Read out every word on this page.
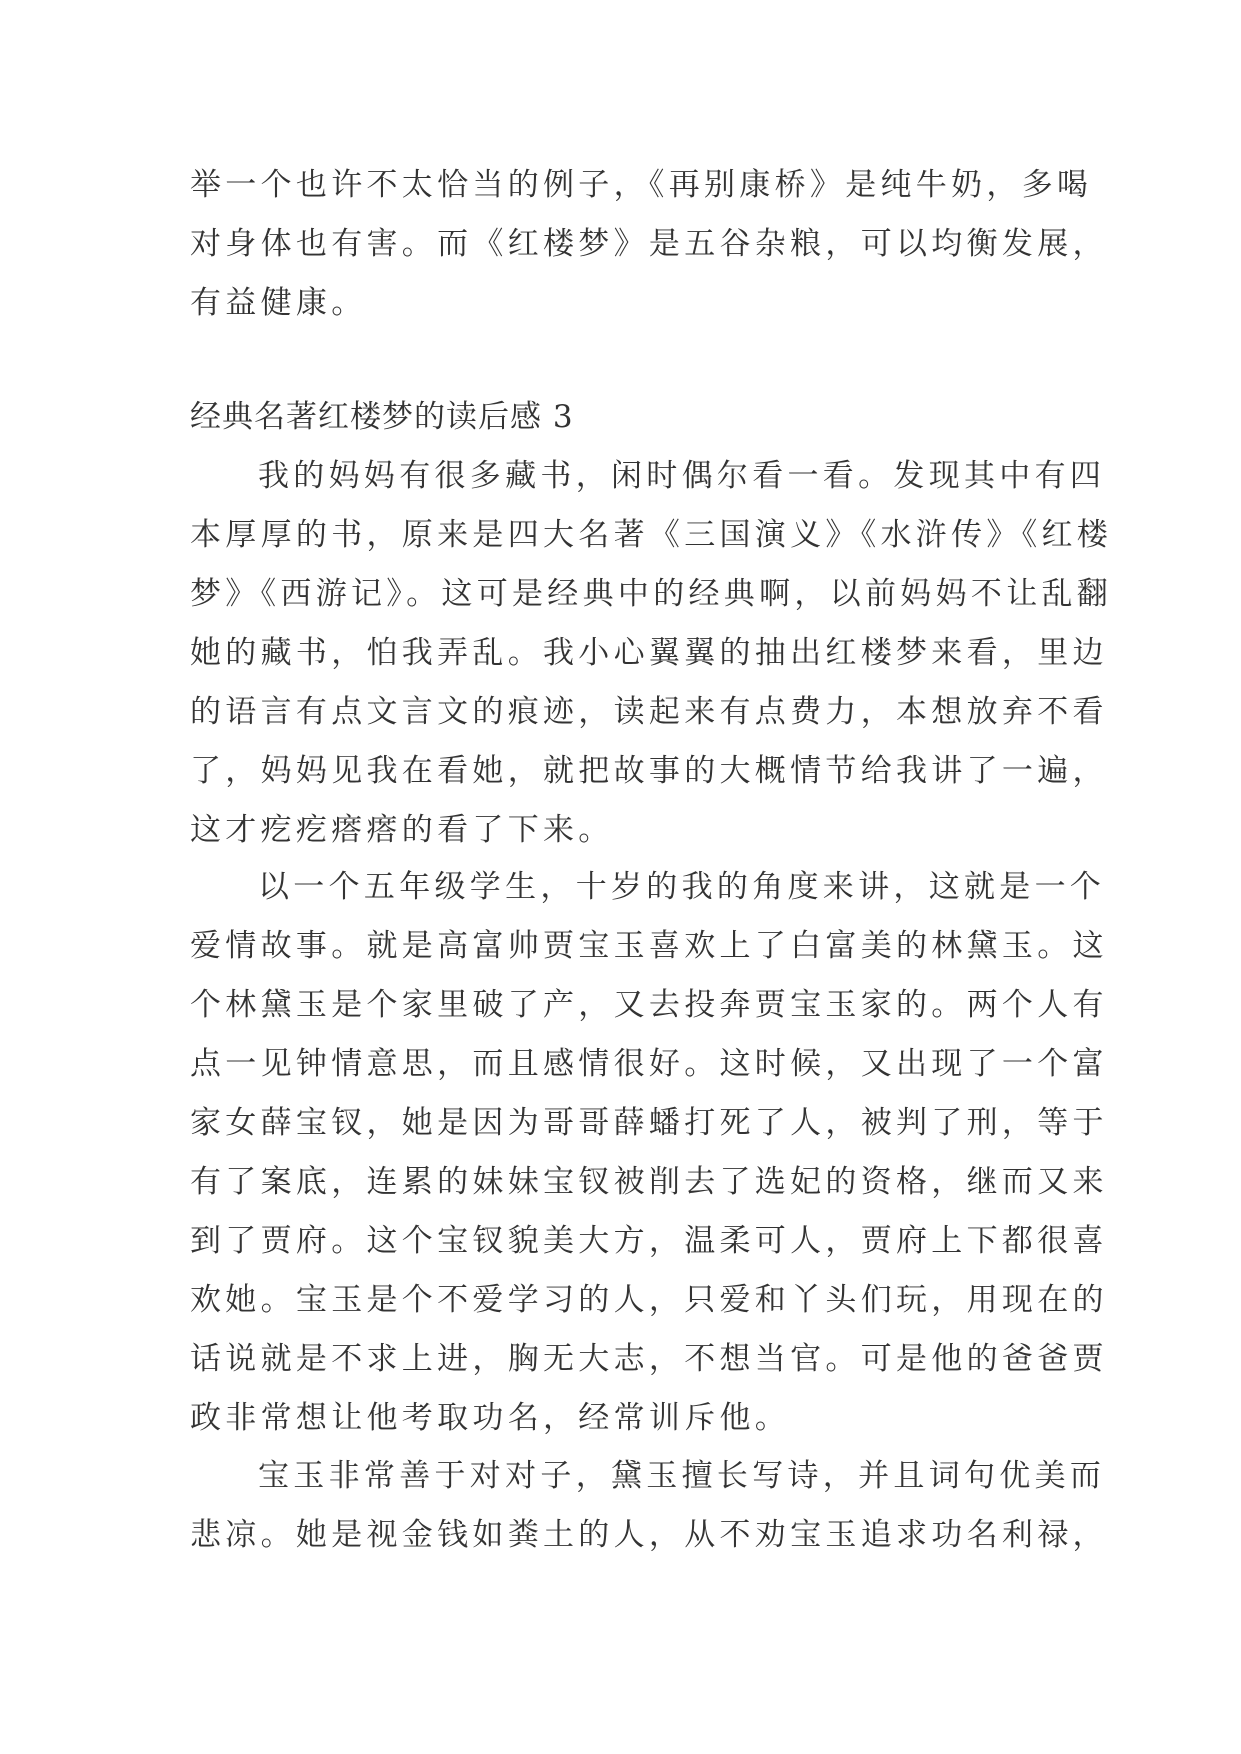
举一个也许不太恰当的例子，《再别康桥》是纯牛奶，多喝
对身体也有害。而《红楼梦》是五谷杂粮，可以均衡发展，
有益健康。
经典名著红楼梦的读后感 3
我的妈妈有很多藏书，闲时偶尔看一看。发现其中有四
本厚厚的书，原来是四大名著《三国演义》《水浒传》《红楼
梦》《西游记》。这可是经典中的经典啊，以前妈妈不让乱翻
她的藏书，怕我弄乱。我小心翼翼的抽出红楼梦来看，里边
的语言有点文言文的痕迹，读起来有点费力，本想放弃不看
了，妈妈见我在看她，就把故事的大概情节给我讲了一遍，
这才疙疙瘩瘩的看了下来。
以一个五年级学生，十岁的我的角度来讲，这就是一个
爱情故事。就是高富帅贾宝玉喜欢上了白富美的林黛玉。这
个林黛玉是个家里破了产，又去投奔贾宝玉家的。两个人有
点一见钟情意思，而且感情很好。这时候，又出现了一个富
家女薛宝钗，她是因为哥哥薛蟠打死了人，被判了刑，等于
有了案底，连累的妹妹宝钗被削去了选妃的资格，继而又来
到了贾府。这个宝钗貌美大方，温柔可人，贾府上下都很喜
欢她。宝玉是个不爱学习的人，只爱和丫头们玩，用现在的
话说就是不求上进，胸无大志，不想当官。可是他的爸爸贾
政非常想让他考取功名，经常训斥他。
宝玉非常善于对对子，黛玉擅长写诗，并且词句优美而
悲凉。她是视金钱如粪土的人，从不劝宝玉追求功名利禄，
